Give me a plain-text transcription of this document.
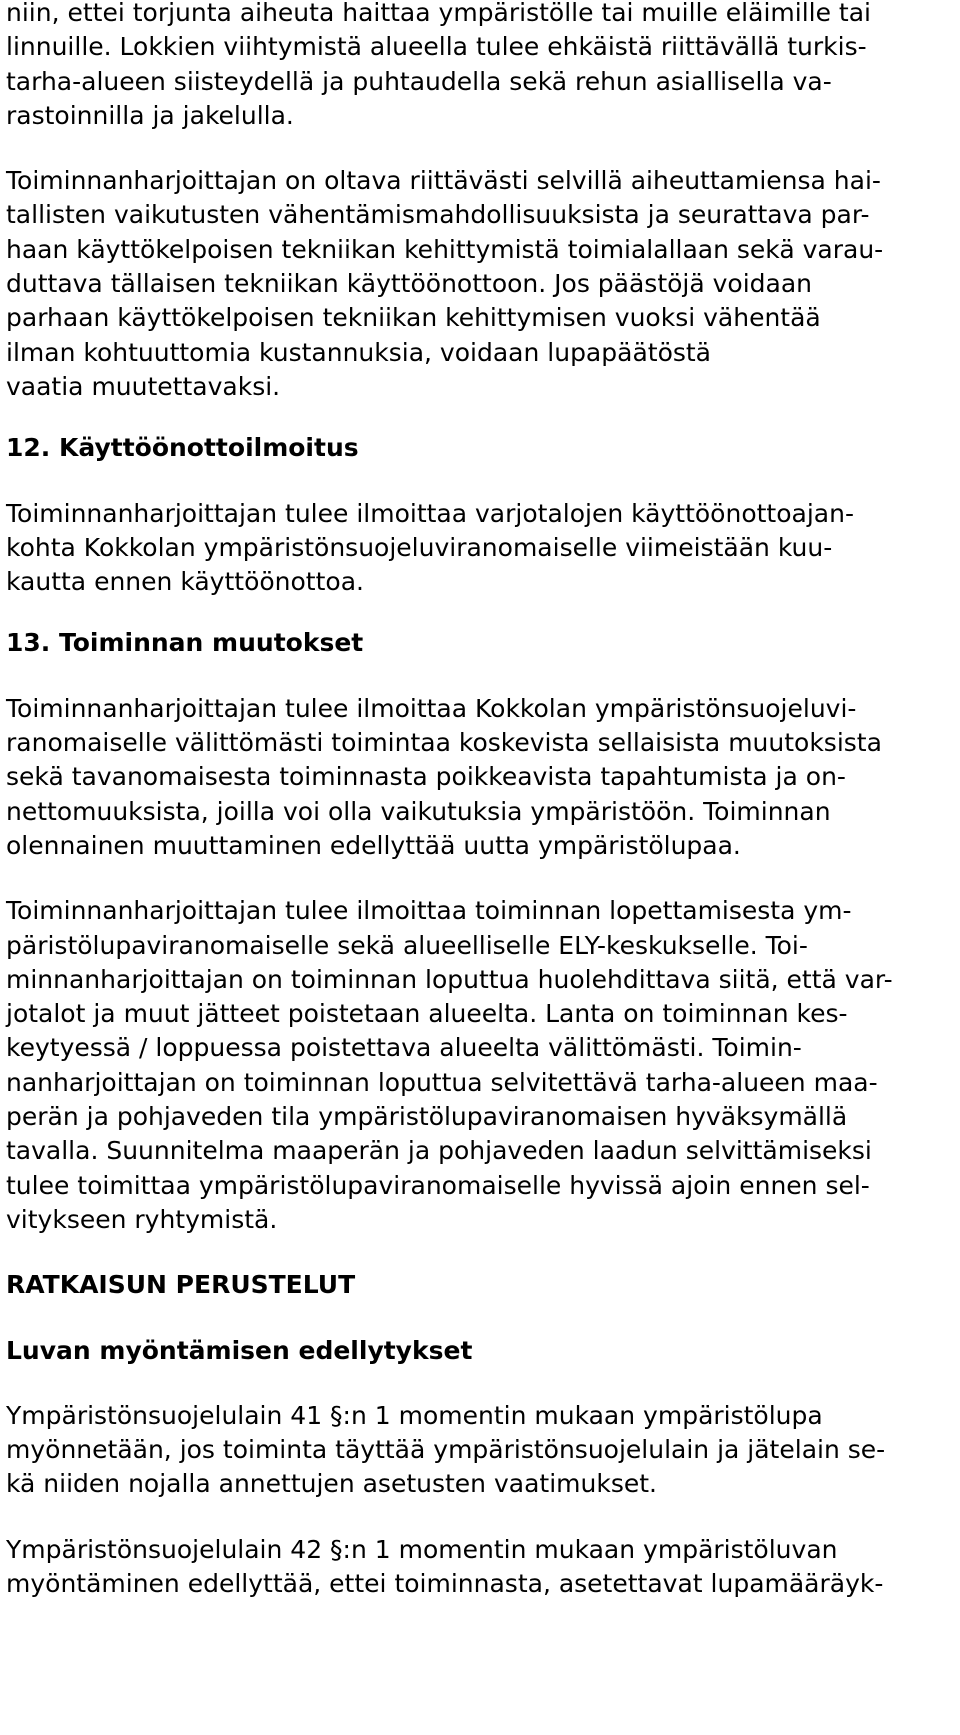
niin, ettei torjunta aiheuta haittaa ympäristölle tai muille eläimille tai
linnuille. Lokkien viihtymistä alueella tulee ehkäistä riittävällä turkis-
tarha-alueen siisteydellä ja puhtaudella sekä rehun asiallisella va-
rastoinnilla ja jakelulla.
Toiminnanharjoittajan on oltava riittävästi selvillä aiheuttamiensa hai-
tallisten vaikutusten vähentämismahdollisuuksista ja seurattava par-
haan käyttökelpoisen tekniikan kehittymistä toimialallaan sekä varau-
duttava tällaisen tekniikan käyttöönottoon. Jos päästöjä voidaan
parhaan käyttökelpoisen tekniikan kehittymisen vuoksi vähentää
ilman kohtuuttomia kustannuksia, voidaan lupapäätöstä
vaatia muutettavaksi.
12. Käyttöönottoilmoitus
Toiminnanharjoittajan tulee ilmoittaa varjotalojen käyttöönottoajan-
kohta Kokkolan ympäristönsuojeluviranomaiselle viimeistään kuu-
kautta ennen käyttöönottoa.
13. Toiminnan muutokset
Toiminnanharjoittajan tulee ilmoittaa Kokkolan ympäristönsuojeluvi-
ranomaiselle välittömästi toimintaa koskevista sellaisista muutoksista
sekä tavanomaisesta toiminnasta poikkeavista tapahtumista ja on-
nettomuuksista, joilla voi olla vaikutuksia ympäristöön. Toiminnan
olennainen muuttaminen edellyttää uutta ympäristölupaa.
Toiminnanharjoittajan tulee ilmoittaa toiminnan lopettamisesta ym-
päristölupaviranomaiselle sekä alueelliselle ELY-keskukselle. Toi-
minnanharjoittajan on toiminnan loputtua huolehdittava siitä, että var-
jotalot ja muut jätteet poistetaan alueelta. Lanta on toiminnan kes-
keytyessä / loppuessa poistettava alueelta välittömästi. Toimin-
nanharjoittajan on toiminnan loputtua selvitettävä tarha-alueen maa-
perän ja pohjaveden tila ympäristölupaviranomaisen hyväksymällä
tavalla. Suunnitelma maaperän ja pohjaveden laadun selvittämiseksi
tulee toimittaa ympäristölupaviranomaiselle hyvissä ajoin ennen sel-
vitykseen ryhtymistä.
RATKAISUN PERUSTELUT
Luvan myöntämisen edellytykset
Ympäristönsuojelulain 41 §:n 1 momentin mukaan ympäristölupa
myönnetään, jos toiminta täyttää ympäristönsuojelulain ja jätelain se-
kä niiden nojalla annettujen asetusten vaatimukset.
Ympäristönsuojelulain 42 §:n 1 momentin mukaan ympäristöluvan
myöntäminen edellyttää, ettei toiminnasta, asetettavat lupamääräyk-
